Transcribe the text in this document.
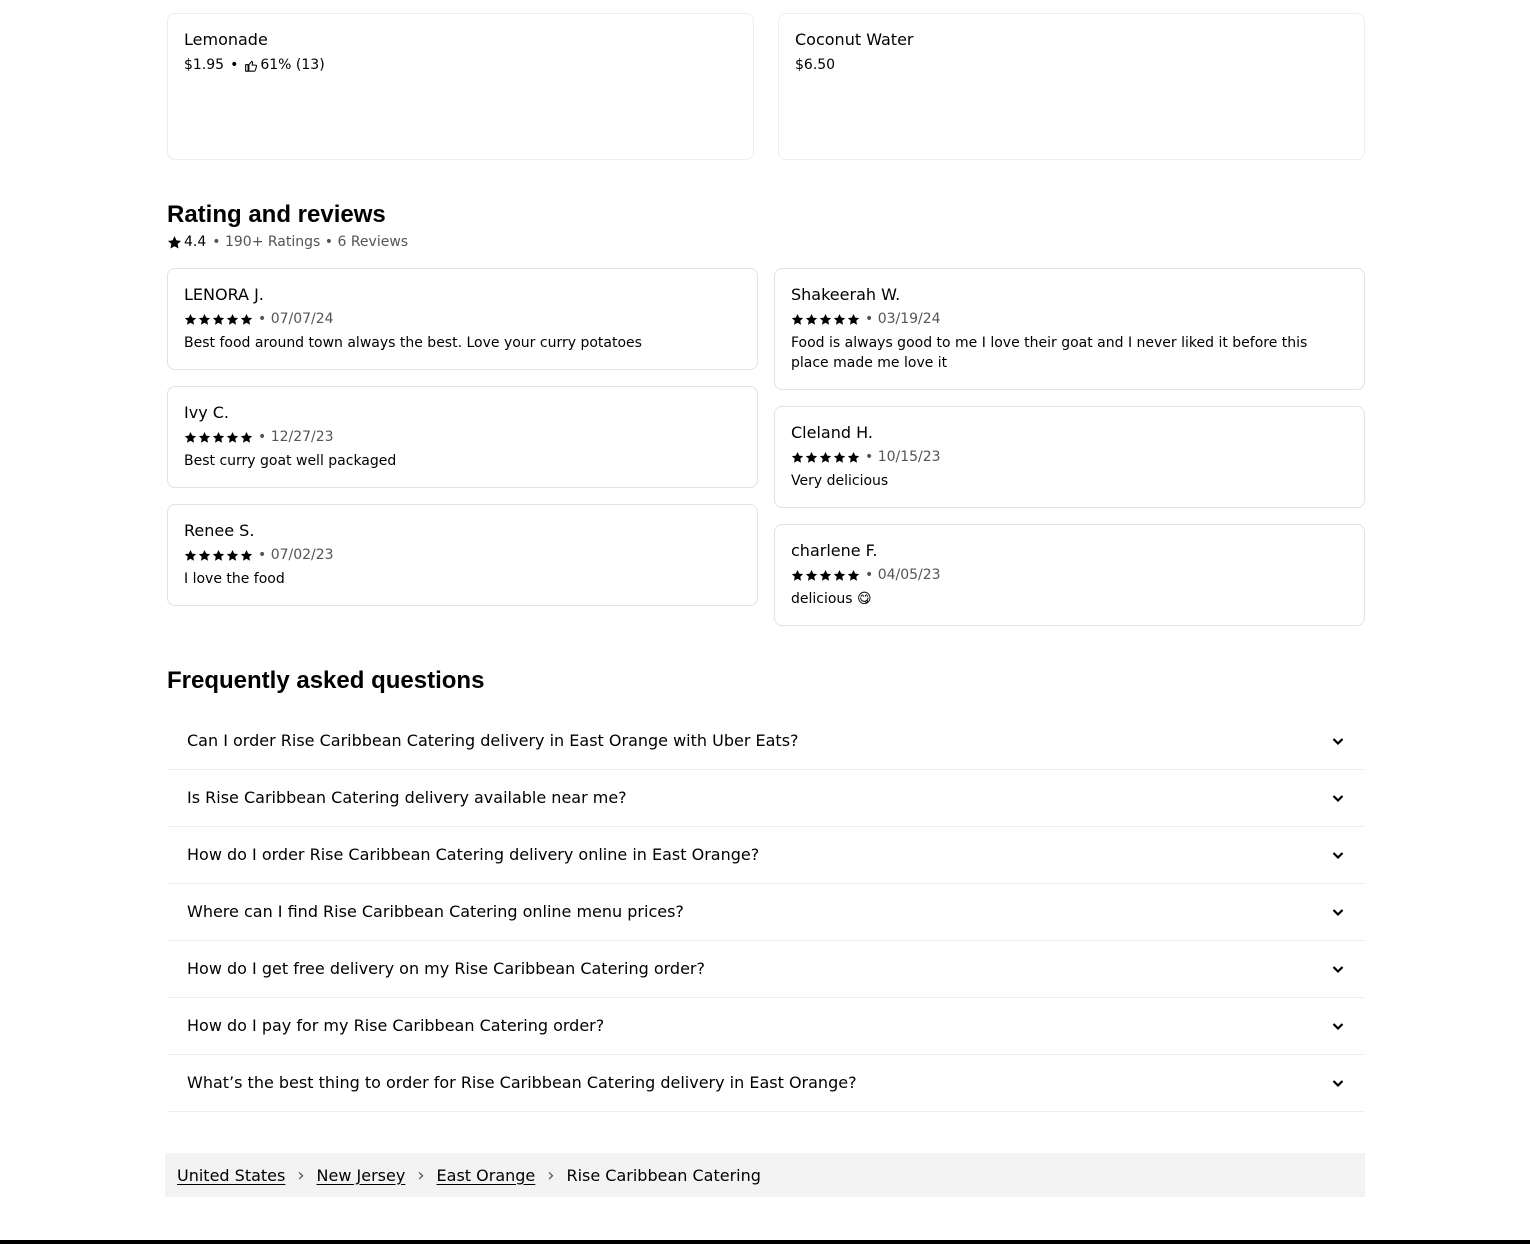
Lemonade
$1.95 • 61% (13)
Coconut Water
$6.50
Rating and reviews
4.4 • 190+ Ratings • 6 Reviews
LENORA J.
• 07/07/24
Best food around town always the best. Love your curry potatoes
Shakeerah W.
• 03/19/24
Food is always good to me I love their goat and I never liked it before this place made me love it
Ivy C.
• 12/27/23
Best curry goat well packaged
Cleland H.
• 10/15/23
Very delicious
Renee S.
• 07/02/23
I love the food
charlene F.
• 04/05/23
delicious 😋
Frequently asked questions
Can I order Rise Caribbean Catering delivery in East Orange with Uber Eats?
Is Rise Caribbean Catering delivery available near me?
How do I order Rise Caribbean Catering delivery online in East Orange?
Where can I find Rise Caribbean Catering online menu prices?
How do I get free delivery on my Rise Caribbean Catering order?
How do I pay for my Rise Caribbean Catering order?
What’s the best thing to order for Rise Caribbean Catering delivery in East Orange?
United States › New Jersey › East Orange › Rise Caribbean Catering
